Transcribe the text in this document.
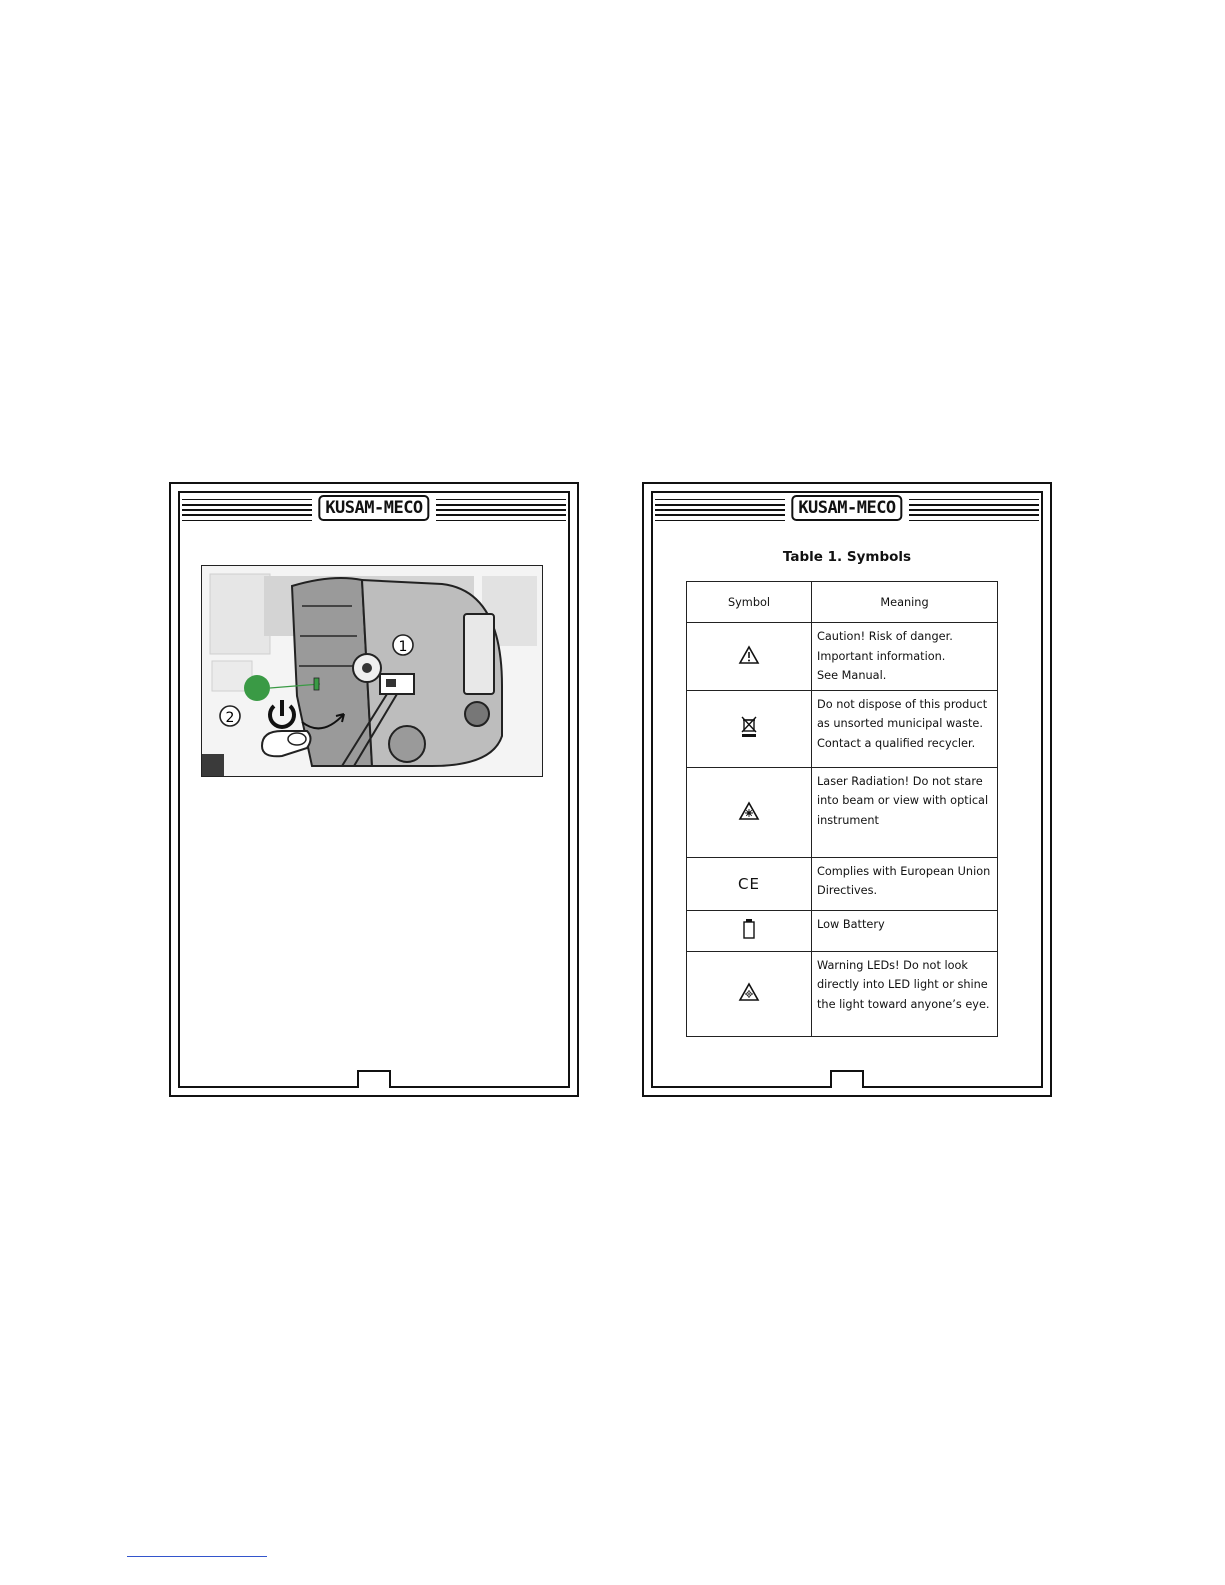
KUSAM-MECO
1
2
KUSAM-MECO
Table 1. Symbols
Symbol	Meaning
	Caution! Risk of danger.
Important information.
See Manual.
	Do not dispose of this product as unsorted municipal waste. Contact a qualified recycler.
	Laser Radiation! Do not stare into beam or view with optical instrument
CE	Complies with European Union Directives.
	Low Battery
	Warning LEDs! Do not look directly into LED light or shine the light toward anyone’s eye.
